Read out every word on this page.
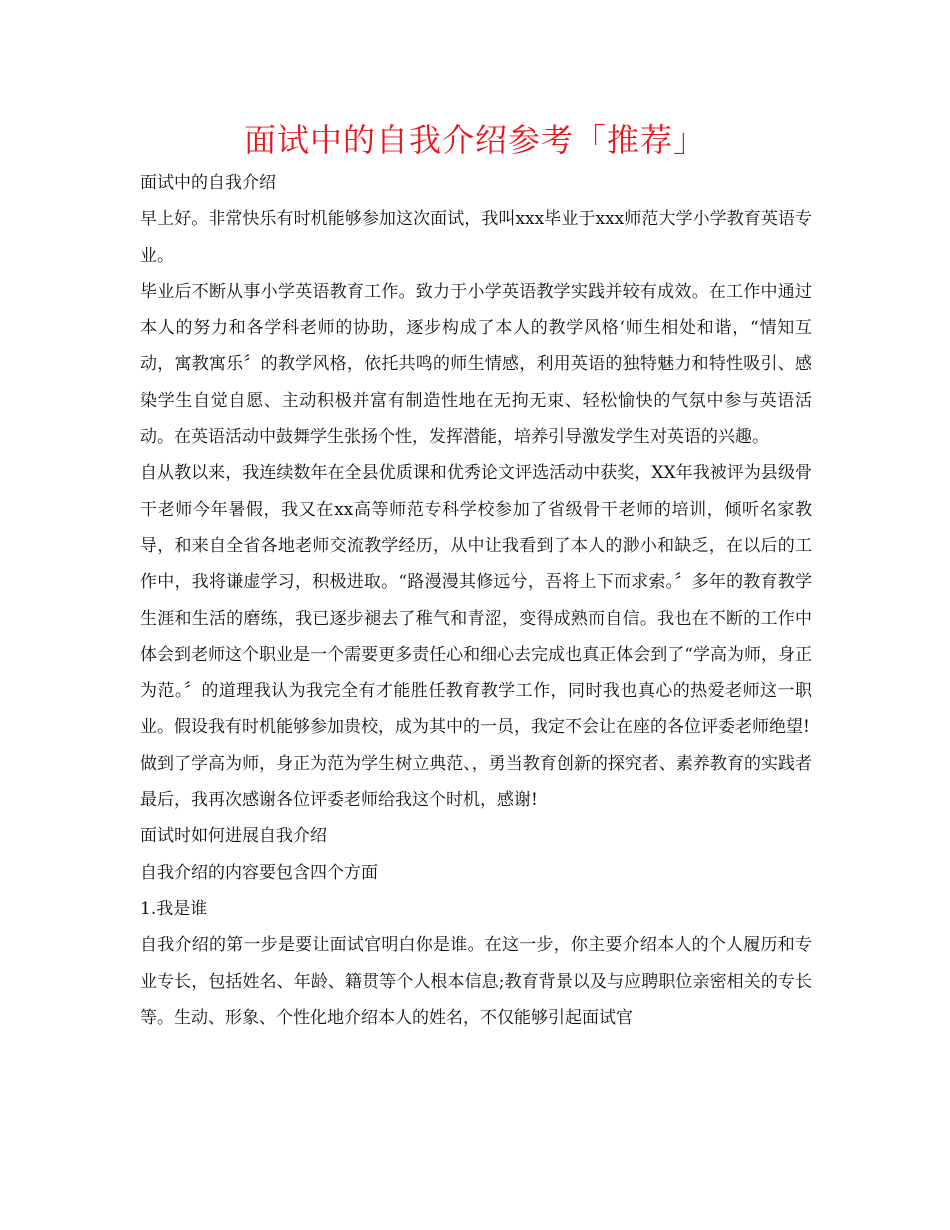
面试中的自我介绍参考「推荐」

面试中的自我介绍

早上好。非常快乐有时机能够参加这次面试，我叫xxx毕业于xxx师范大学小学教育英语专业。

毕业后不断从事小学英语教育工作。致力于小学英语教学实践并较有成效。在工作中通过本人的努力和各学科老师的协助，逐步构成了本人的教学风格‘师生相处和谐，“情知互动，寓教寓乐〞的教学风格，依托共鸣的师生情感，利用英语的独特魅力和特性吸引、感染学生自觉自愿、主动积极并富有制造性地在无拘无束、轻松愉快的气氛中参与英语活动。在英语活动中鼓舞学生张扬个性，发挥潜能，培养引导激发学生对英语的兴趣。

自从教以来，我连续数年在全县优质课和优秀论文评选活动中获奖，XX年我被评为县级骨干老师今年暑假，我又在xx高等师范专科学校参加了省级骨干老师的培训，倾听名家教导，和来自全省各地老师交流教学经历，从中让我看到了本人的渺小和缺乏，在以后的工作中，我将谦虚学习，积极进取。“路漫漫其修远兮，吾将上下而求索。〞多年的教育教学生涯和生活的磨练，我已逐步褪去了稚气和青涩，变得成熟而自信。我也在不断的工作中体会到老师这个职业是一个需要更多责任心和细心去完成也真正体会到了“学高为师，身正为范。〞的道理我认为我完全有才能胜任教育教学工作，同时我也真心的热爱老师这一职业。假设我有时机能够参加贵校，成为其中的一员，我定不会让在座的各位评委老师绝望!

做到了学高为师，身正为范为学生树立典范、，勇当教育创新的探究者、素养教育的实践者最后，我再次感谢各位评委老师给我这个时机，感谢!

面试时如何进展自我介绍

自我介绍的内容要包含四个方面

1.我是谁

自我介绍的第一步是要让面试官明白你是谁。在这一步，你主要介绍本人的个人履历和专业专长，包括姓名、年龄、籍贯等个人根本信息;教育背景以及与应聘职位亲密相关的专长等。生动、形象、个性化地介绍本人的姓名，不仅能够引起面试官
